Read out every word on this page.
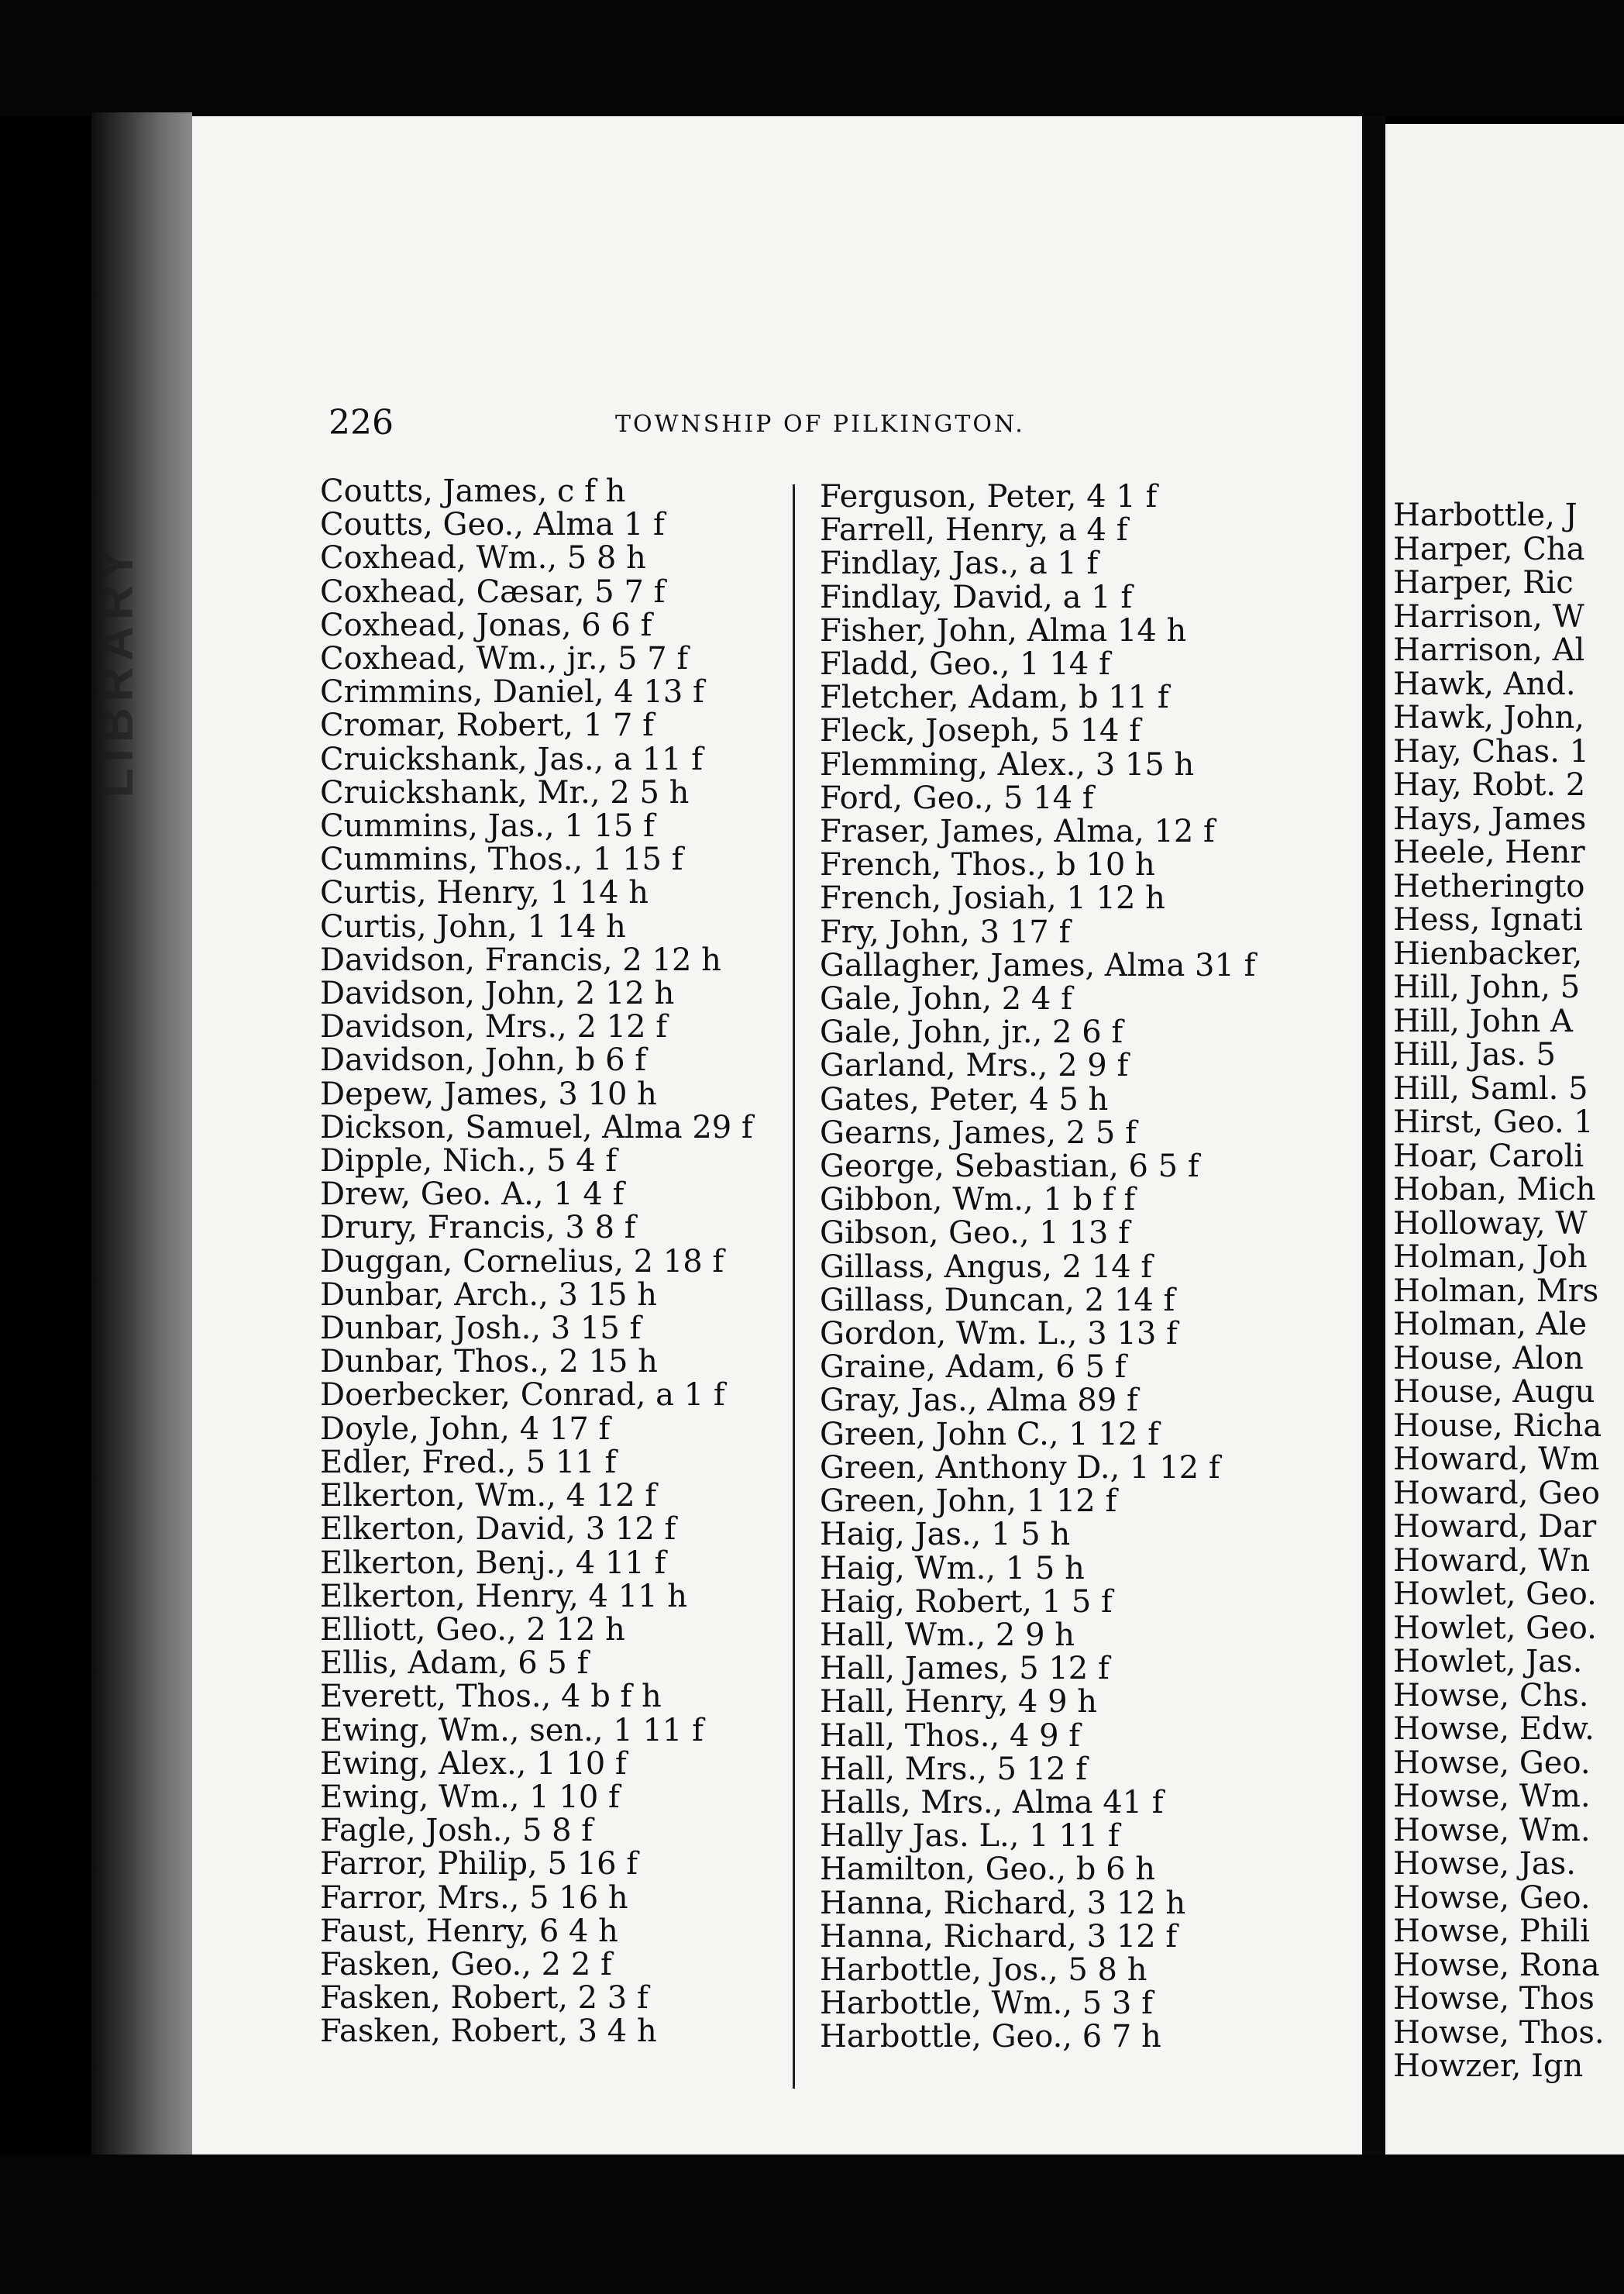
LIBRARY
226	TOWNSHIP OF PILKINGTON.
Coutts, James, c f h
Coutts, Geo., Alma 1 f
Coxhead, Wm., 5 8 h
Coxhead, Cæsar, 5 7 f
Coxhead, Jonas, 6 6 f
Coxhead, Wm., jr., 5 7 f
Crimmins, Daniel, 4 13 f
Cromar, Robert, 1 7 f
Cruickshank, Jas., a 11 f
Cruickshank, Mr., 2 5 h
Cummins, Jas., 1 15 f
Cummins, Thos., 1 15 f
Curtis, Henry, 1 14 h
Curtis, John, 1 14 h
Davidson, Francis, 2 12 h
Davidson, John, 2 12 h
Davidson, Mrs., 2 12 f
Davidson, John, b 6 f
Depew, James, 3 10 h
Dickson, Samuel, Alma 29 f
Dipple, Nich., 5 4 f
Drew, Geo. A., 1 4 f
Drury, Francis, 3 8 f
Duggan, Cornelius, 2 18 f
Dunbar, Arch., 3 15 h
Dunbar, Josh., 3 15 f
Dunbar, Thos., 2 15 h
Doerbecker, Conrad, a 1 f
Doyle, John, 4 17 f
Edler, Fred., 5 11 f
Elkerton, Wm., 4 12 f
Elkerton, David, 3 12 f
Elkerton, Benj., 4 11 f
Elkerton, Henry, 4 11 h
Elliott, Geo., 2 12 h
Ellis, Adam, 6 5 f
Everett, Thos., 4 b f h
Ewing, Wm., sen., 1 11 f
Ewing, Alex., 1 10 f
Ewing, Wm., 1 10 f
Fagle, Josh., 5 8 f
Farror, Philip, 5 16 f
Farror, Mrs., 5 16 h
Faust, Henry, 6 4 h
Fasken, Geo., 2 2 f
Fasken, Robert, 2 3 f
Fasken, Robert, 3 4 h
Ferguson, Peter, 4 1 f
Farrell, Henry, a 4 f
Findlay, Jas., a 1 f
Findlay, David, a 1 f
Fisher, John, Alma 14 h
Fladd, Geo., 1 14 f
Fletcher, Adam, b 11 f
Fleck, Joseph, 5 14 f
Flemming, Alex., 3 15 h
Ford, Geo., 5 14 f
Fraser, James, Alma, 12 f
French, Thos., b 10 h
French, Josiah, 1 12 h
Fry, John, 3 17 f
Gallagher, James, Alma 31 f
Gale, John, 2 4 f
Gale, John, jr., 2 6 f
Garland, Mrs., 2 9 f
Gates, Peter, 4 5 h
Gearns, James, 2 5 f
George, Sebastian, 6 5 f
Gibbon, Wm., 1 b f f
Gibson, Geo., 1 13 f
Gillass, Angus, 2 14 f
Gillass, Duncan, 2 14 f
Gordon, Wm. L., 3 13 f
Graine, Adam, 6 5 f
Gray, Jas., Alma 89 f
Green, John C., 1 12 f
Green, Anthony D., 1 12 f
Green, John, 1 12 f
Haig, Jas., 1 5 h
Haig, Wm., 1 5 h
Haig, Robert, 1 5 f
Hall, Wm., 2 9 h
Hall, James, 5 12 f
Hall, Henry, 4 9 h
Hall, Thos., 4 9 f
Hall, Mrs., 5 12 f
Halls, Mrs., Alma 41 f
Hally Jas. L., 1 11 f
Hamilton, Geo., b 6 h
Hanna, Richard, 3 12 h
Hanna, Richard, 3 12 f
Harbottle, Jos., 5 8 h
Harbottle, Wm., 5 3 f
Harbottle, Geo., 6 7 h
Harbottle, J
Harper, Cha
Harper, Ric
Harrison, W
Harrison, Al
Hawk, And.
Hawk, John,
Hay, Chas. 1
Hay, Robt. 2
Hays, James
Heele, Henr
Hetheringto
Hess, Ignati
Hienbacker,
Hill, John, 5
Hill, John A
Hill, Jas. 5
Hill, Saml. 5
Hirst, Geo. 1
Hoar, Caroli
Hoban, Mich
Holloway, W
Holman, Joh
Holman, Mrs
Holman, Ale
House, Alon
House, Augu
House, Richa
Howard, Wm
Howard, Geo
Howard, Dar
Howard, Wn
Howlet, Geo.
Howlet, Geo.
Howlet, Jas.
Howse, Chs.
Howse, Edw.
Howse, Geo.
Howse, Wm.
Howse, Wm.
Howse, Jas.
Howse, Geo.
Howse, Phili
Howse, Rona
Howse, Thos
Howse, Thos.
Howzer, Ign
